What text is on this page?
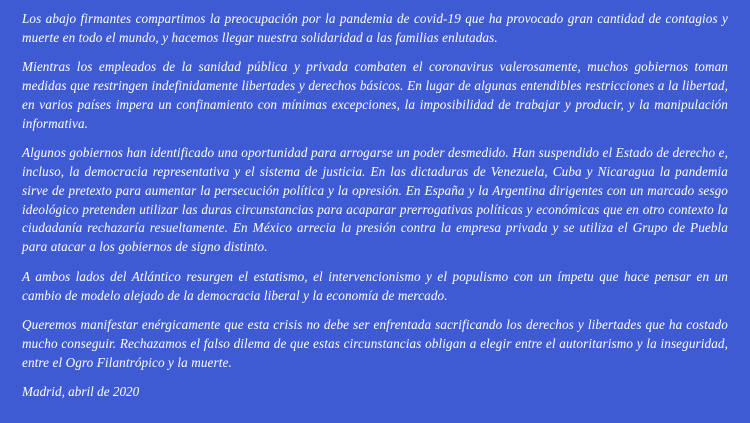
Los abajo firmantes compartimos la preocupación por la pandemia de covid-19 que ha provocado gran cantidad de contagios y muerte en todo el mundo, y hacemos llegar nuestra solidaridad a las familias enlutadas.

Mientras los empleados de la sanidad pública y privada combaten el coronavirus valerosamente, muchos gobiernos toman medidas que restringen indefinidamente libertades y derechos básicos. En lugar de algunas entendibles restricciones a la libertad, en varios países impera un confinamiento con mínimas excepciones, la imposibilidad de trabajar y producir, y la manipulación informativa.

Algunos gobiernos han identificado una oportunidad para arrogarse un poder desmedido. Han suspendido el Estado de derecho e, incluso, la democracia representativa y el sistema de justicia. En las dictaduras de Venezuela, Cuba y Nicaragua la pandemia sirve de pretexto para aumentar la persecución política y la opresión. En España y la Argentina dirigentes con un marcado sesgo ideológico pretenden utilizar las duras circunstancias para acaparar prerrogativas políticas y económicas que en otro contexto la ciudadanía rechazaría resueltamente. En México arrecia la presión contra la empresa privada y se utiliza el Grupo de Puebla para atacar a los gobiernos de signo distinto.

A ambos lados del Atlántico resurgen el estatismo, el intervencionismo y el populismo con un ímpetu que hace pensar en un cambio de modelo alejado de la democracia liberal y la economía de mercado.

Queremos manifestar enérgicamente que esta crisis no debe ser enfrentada sacrificando los derechos y libertades que ha costado mucho conseguir. Rechazamos el falso dilema de que estas circunstancias obligan a elegir entre el autoritarismo y la inseguridad, entre el Ogro Filantrópico y la muerte.

Madrid, abril de 2020
